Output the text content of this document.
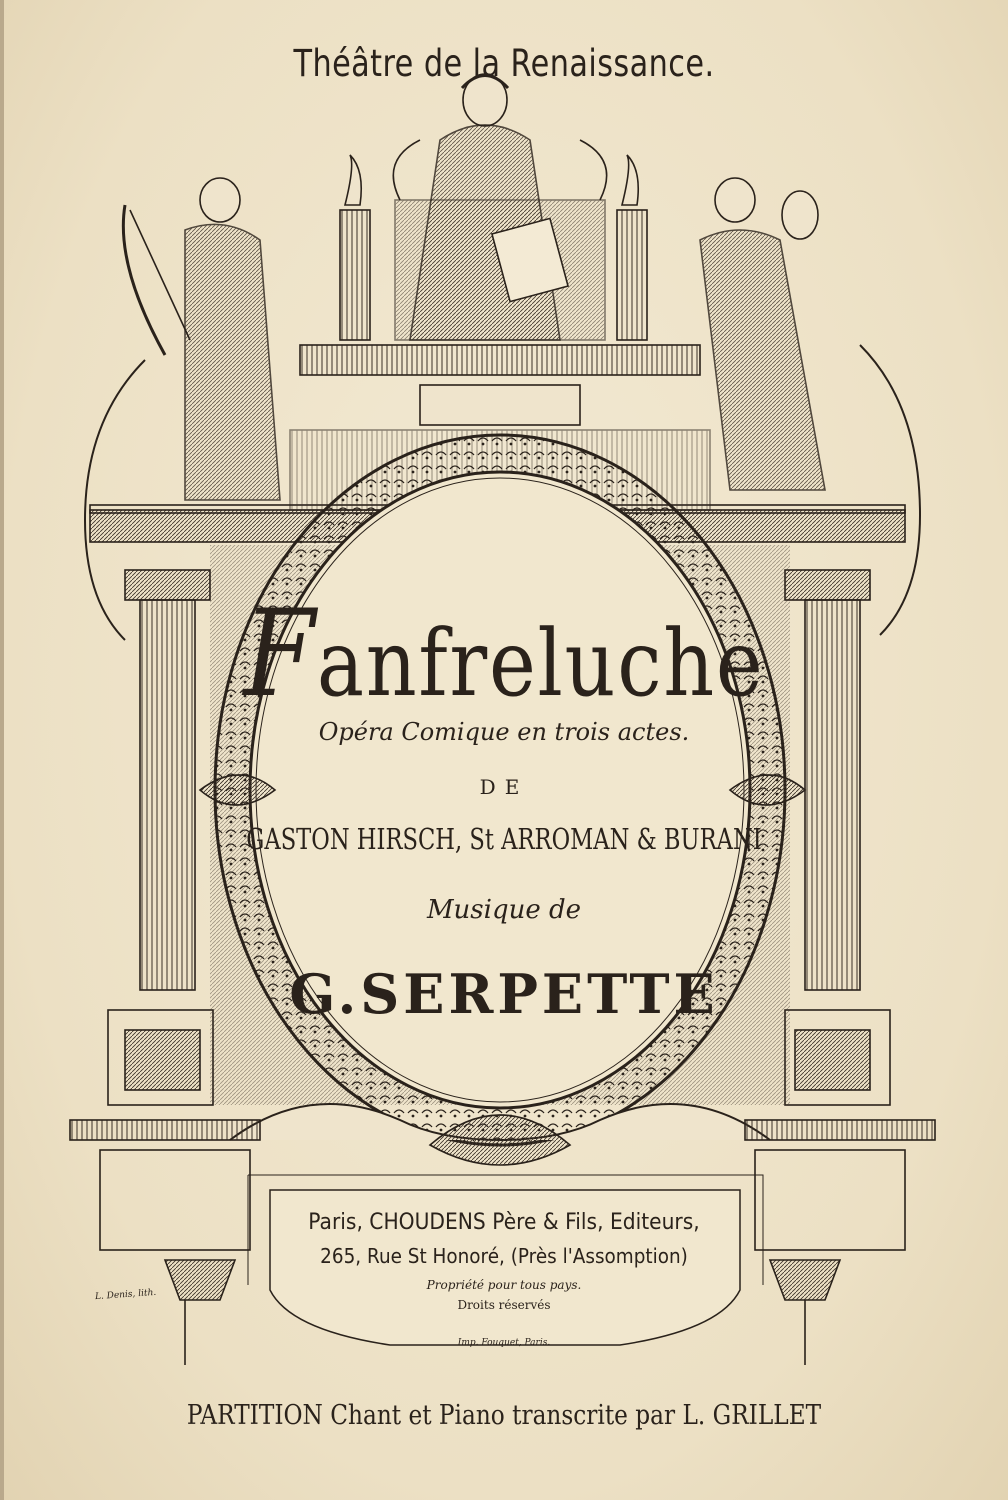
Théâtre de la Renaissance.
Fanfreluche
Opéra Comique en trois actes.
DE
GASTON HIRSCH, St ARROMAN & BURANI
Musique de
G.SERPETTE
Paris, CHOUDENS Père & Fils, Editeurs,
265, Rue St Honoré, (Près l'Assomption)
Propriété pour tous pays.
Droits réservés
Imp. Fouquet, Paris.
L. Denis, lith.
PARTITION Chant et Piano transcrite par L. GRILLET
